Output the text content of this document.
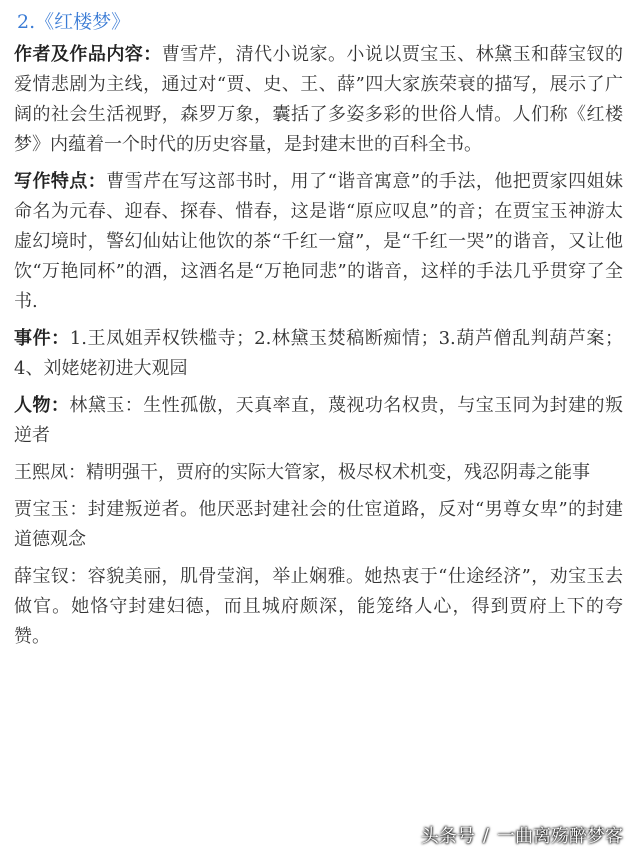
2.《红楼梦》

作者及作品内容：曹雪芹，清代小说家。小说以贾宝玉、林黛玉和薛宝钗的爱情悲剧为主线，通过对“贾、史、王、薛”四大家族荣衰的描写，展示了广阔的社会生活视野，森罗万象，囊括了多姿多彩的世俗人情。人们称《红楼梦》内蕴着一个时代的历史容量，是封建末世的百科全书。

写作特点：曹雪芹在写这部书时，用了“谐音寓意”的手法，他把贾家四姐妹命名为元春、迎春、探春、惜春，这是谐“原应叹息”的音；在贾宝玉神游太虚幻境时，警幻仙姑让他饮的茶“千红一窟”，是“千红一哭”的谐音，又让他饮“万艳同杯”的酒，这酒名是“万艳同悲”的谐音，这样的手法几乎贯穿了全书.

事件：1.王凤姐弄权铁槛寺；2.林黛玉焚稿断痴情；3.葫芦僧乱判葫芦案；4、刘姥姥初进大观园

人物：林黛玉：生性孤傲，天真率直，蔑视功名权贵，与宝玉同为封建的叛逆者

王熙凤：精明强干，贾府的实际大管家，极尽权术机变，残忍阴毒之能事

贾宝玉：封建叛逆者。他厌恶封建社会的仕宦道路，反对“男尊女卑”的封建道德观念

薛宝钗：容貌美丽，肌骨莹润，举止娴雅。她热衷于“仕途经济”，劝宝玉去做官。她恪守封建妇德，而且城府颇深，能笼络人心，得到贾府上下的夸赞。

头条号 / 一曲离殇醉梦客
